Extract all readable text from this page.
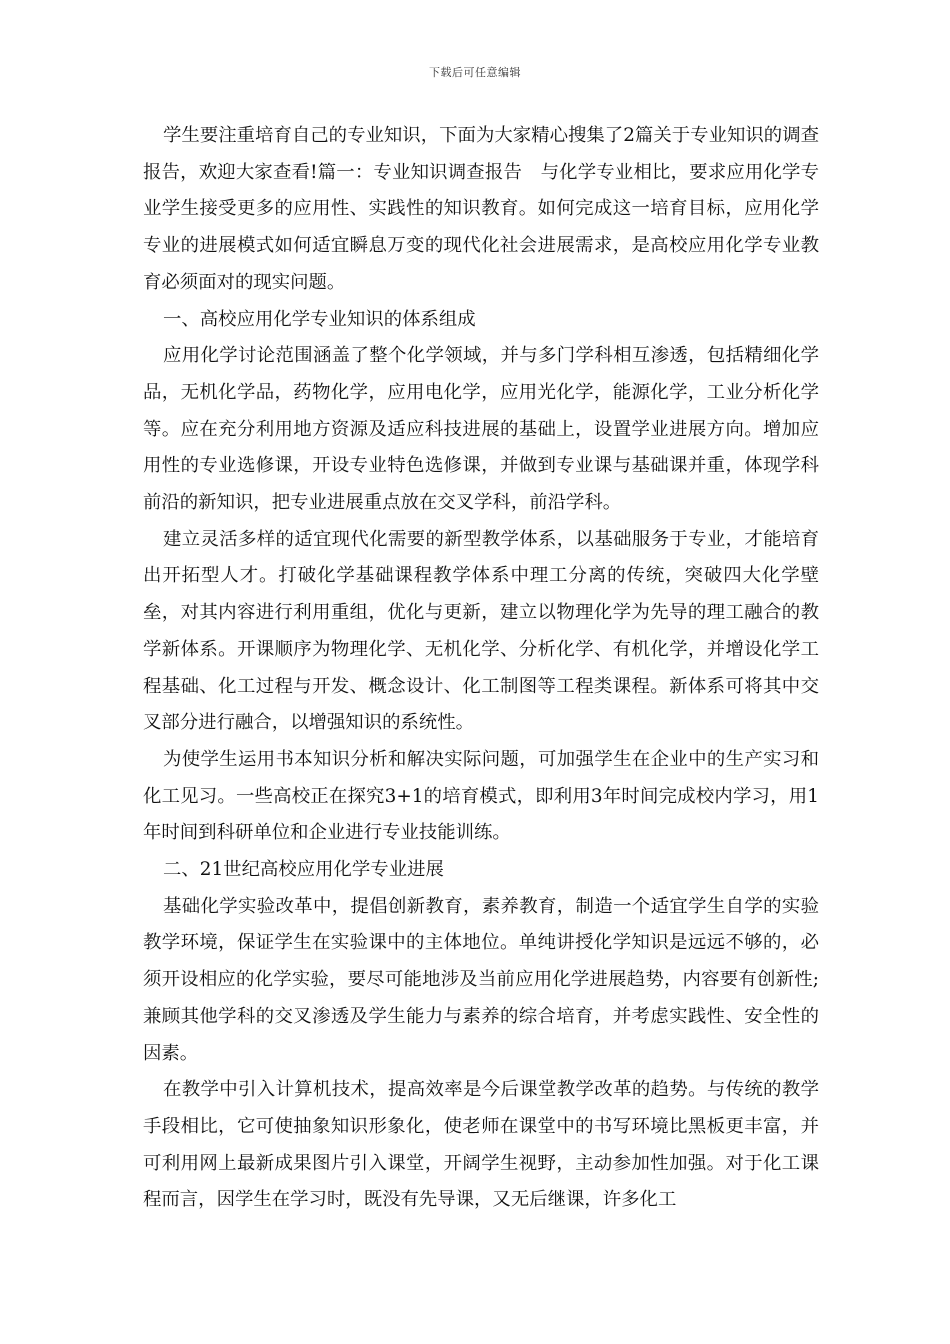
下载后可任意编辑

学生要注重培育自己的专业知识，下面为大家精心搜集了2篇关于专业知识的调查报告，欢迎大家查看!篇一：专业知识调查报告　与化学专业相比，要求应用化学专业学生接受更多的应用性、实践性的知识教育。如何完成这一培育目标，应用化学专业的进展模式如何适宜瞬息万变的现代化社会进展需求，是高校应用化学专业教育必须面对的现实问题。

一、高校应用化学专业知识的体系组成

应用化学讨论范围涵盖了整个化学领域，并与多门学科相互渗透，包括精细化学品，无机化学品，药物化学，应用电化学，应用光化学，能源化学，工业分析化学等。应在充分利用地方资源及适应科技进展的基础上，设置学业进展方向。增加应用性的专业选修课，开设专业特色选修课，并做到专业课与基础课并重，体现学科前沿的新知识，把专业进展重点放在交叉学科，前沿学科。

建立灵活多样的适宜现代化需要的新型教学体系，以基础服务于专业，才能培育出开拓型人才。打破化学基础课程教学体系中理工分离的传统，突破四大化学壁垒，对其内容进行利用重组，优化与更新，建立以物理化学为先导的理工融合的教学新体系。开课顺序为物理化学、无机化学、分析化学、有机化学，并增设化学工程基础、化工过程与开发、概念设计、化工制图等工程类课程。新体系可将其中交叉部分进行融合，以增强知识的系统性。

为使学生运用书本知识分析和解决实际问题，可加强学生在企业中的生产实习和化工见习。一些高校正在探究3+1的培育模式，即利用3年时间完成校内学习，用1年时间到科研单位和企业进行专业技能训练。

二、21世纪高校应用化学专业进展

基础化学实验改革中，提倡创新教育，素养教育，制造一个适宜学生自学的实验教学环境，保证学生在实验课中的主体地位。单纯讲授化学知识是远远不够的，必须开设相应的化学实验，要尽可能地涉及当前应用化学进展趋势，内容要有创新性;兼顾其他学科的交叉渗透及学生能力与素养的综合培育，并考虑实践性、安全性的因素。

在教学中引入计算机技术，提高效率是今后课堂教学改革的趋势。与传统的教学手段相比，它可使抽象知识形象化，使老师在课堂中的书写环境比黑板更丰富，并可利用网上最新成果图片引入课堂，开阔学生视野，主动参加性加强。对于化工课程而言，因学生在学习时，既没有先导课，又无后继课，许多化工
